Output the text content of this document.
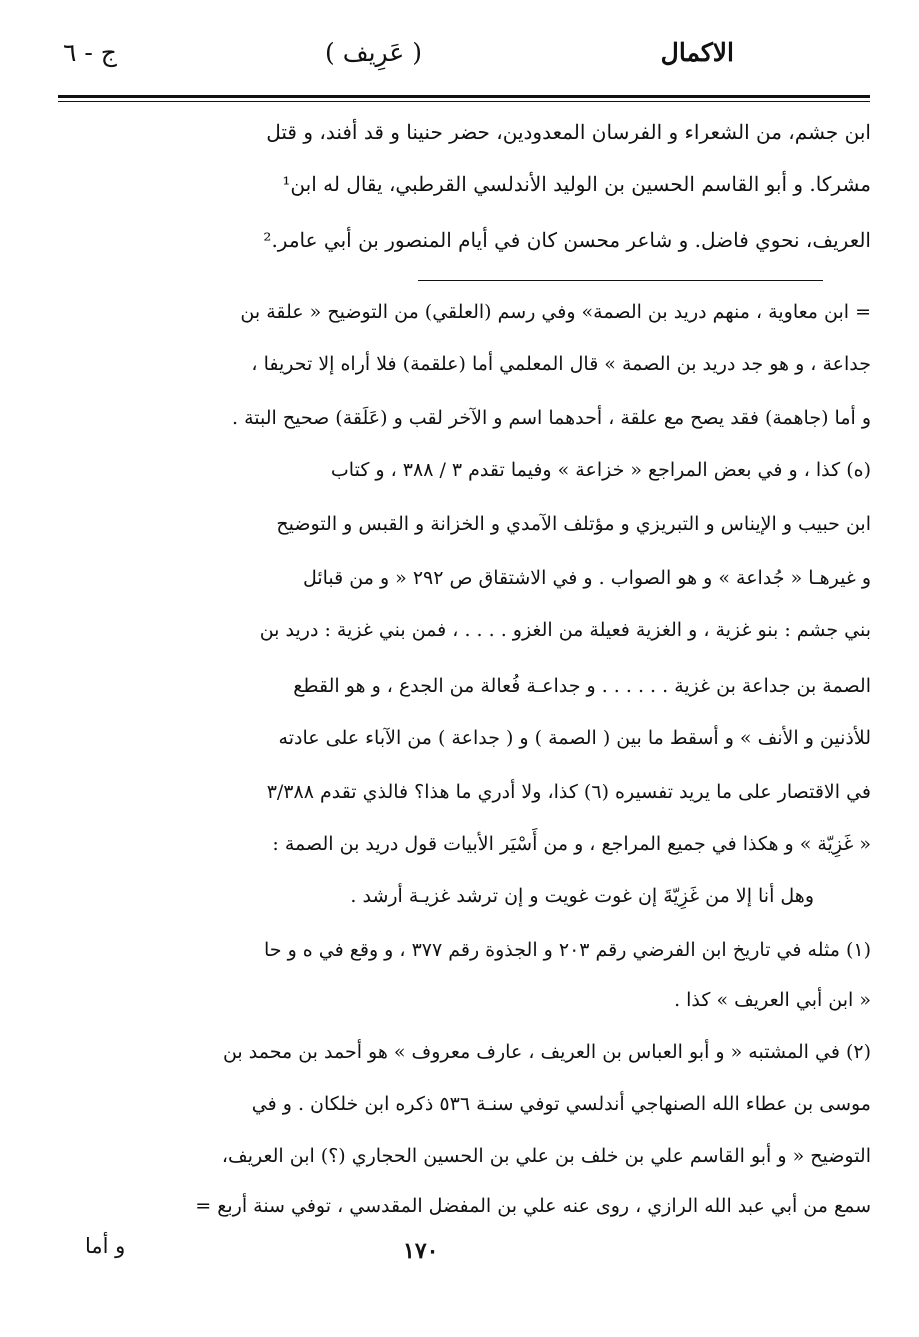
الاكمال
( عَرِيف )
ج - ٦
ابن جشم، من الشعراء و الفرسان المعدودين، حضر حنينا و قد أفند، و قتل
مشركا. و أبو القاسم الحسين بن الوليد الأندلسي القرطبي، يقال له ابن¹
العريف، نحوي فاضل. و شاعر محسن كان في أيام المنصور بن أبي عامر.²
= ابن معاوية ، منهم دريد بن الصمة» وفي رسم (العلقي) من التوضيح « علقة بن
جداعة ، و هو جد دريد بن الصمة » قال المعلمي أما (علقمة) فلا أراه إلا تحريفا ،
و أما (جاهمة) فقد يصح مع علقة ، أحدهما اسم و الآخر لقب و (عَلَقة) صحيح البتة .
(ه) كذا ، و في بعض المراجع « خزاعة » وفيما تقدم ٣ / ٣٨٨ ، و كتاب
ابن حبيب و الإيناس و التبريزي و مؤتلف الآمدي و الخزانة و القبس و التوضيح
و غيرهـا « جُداعة » و هو الصواب . و في الاشتقاق ص ٢٩٢ « و من قبائل
بني جشم : بنو غزية ، و الغزية فعيلة من الغزو . . . . ، فمن بني غزية : دريد بن
الصمة بن جداعة بن غزية . . . . . . و جداعـة فُعالة من الجدع ، و هو القطع
للأذنين و الأنف » و أسقط ما بين ( الصمة ) و ( جداعة ) من الآباء على عادته
في الاقتصار على ما يريد تفسيره (٦) كذا، ولا أدري ما هذا؟ فالذي تقدم ٣/٣٨٨
« غَزِيّة » و هكذا في جميع المراجع ، و من أَسْيَر الأبيات قول دريد بن الصمة :
وهل أنا إلا من غَزِيّةَ إن غوت غويت و إن ترشد غزيـة أرشد .
(١) مثله في تاريخ ابن الفرضي رقم ٢٠٣ و الجذوة رقم ٣٧٧ ، و وقع في ه و حا
« ابن أبي العريف » كذا .
(٢) في المشتبه « و أبو العباس بن العريف ، عارف معروف » هو أحمد بن محمد بن
موسى بن عطاء الله الصنهاجي أندلسي توفي سنـة ٥٣٦ ذكره ابن خلكان . و في
التوضيح « و أبو القاسم علي بن خلف بن علي بن الحسين الحجاري (؟) ابن العريف،
سمع من أبي عبد الله الرازي ، روى عنه علي بن المفضل المقدسي ، توفي سنة أربع =
١٧٠
و أما
